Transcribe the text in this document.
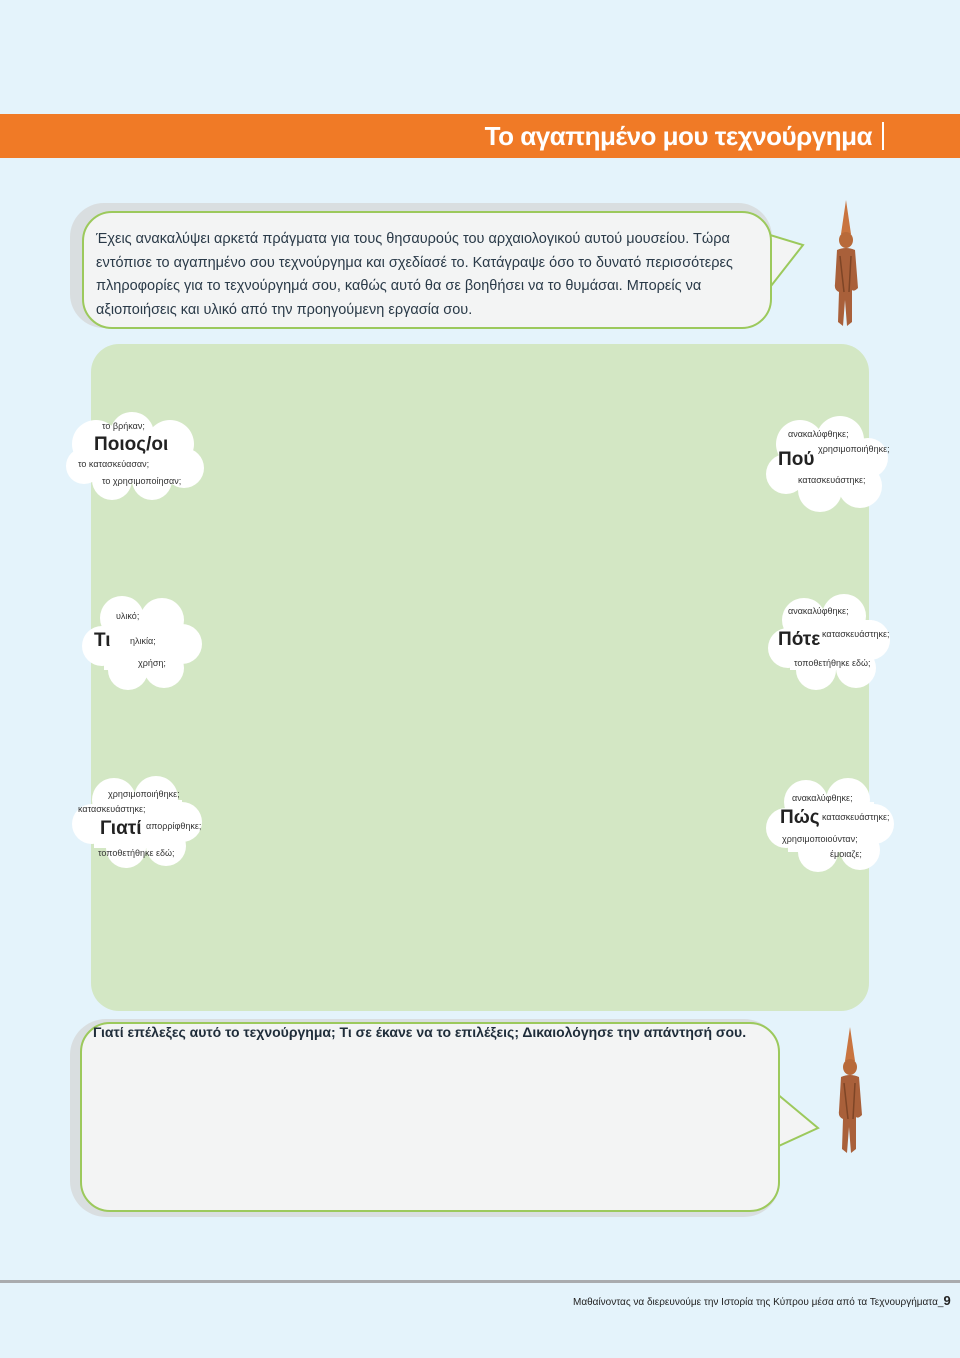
Το αγαπημένο μου τεχνούργημα
Έχεις ανακαλύψει αρκετά πράγματα για τους θησαυρούς του αρχαιολογικού αυτού μουσείου. Τώρα εντόπισε το αγαπημένο σου τεχνούργημα και σχεδίασέ το. Κατάγραψε όσο το δυνατό περισσότερες πληροφορίες για το τεχνούργημά σου, καθώς αυτό θα σε βοηθήσει να το θυμάσαι. Μπορείς να αξιοποιήσεις και υλικό από την προηγούμενη εργασία σου.
το βρήκαν;
Ποιος/οι
το κατασκεύασαν;
το χρησιμοποίησαν;
ανακαλύφθηκε;
χρησιμοποιήθηκε;
Πού
κατασκευάστηκε;
υλικό;
Τι ηλικία;
χρήση;
ανακαλύφθηκε;
κατασκευάστηκε;
Πότε
τοποθετήθηκε εδώ;
χρησιμοποιήθηκε;
κατασκευάστηκε;
Γιατί απορρίφθηκε;
τοποθετήθηκε εδώ;
ανακαλύφθηκε;
κατασκευάστηκε;
Πώς
χρησιμοποιούνταν;
έμοιαζε;
Γιατί επέλεξες αυτό το τεχνούργημα; Τι σε έκανε να το επιλέξεις; Δικαιολόγησε την απάντησή σου.
Μαθαίνοντας να διερευνούμε την Ιστορία της Κύπρου μέσα από τα Τεχνουργήματα_9
